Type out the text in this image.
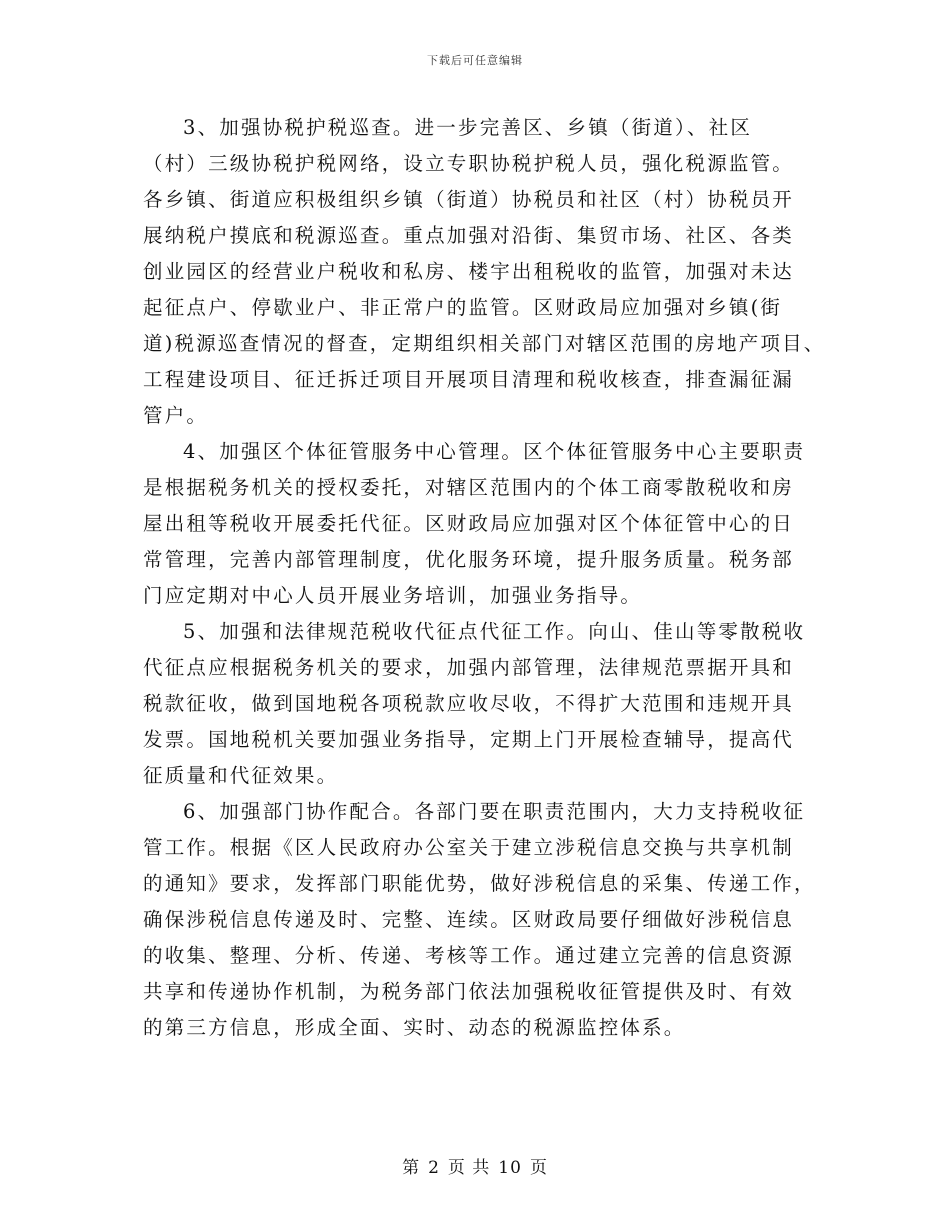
下载后可任意编辑
3、加强协税护税巡查。进一步完善区、乡镇（街道）、社区
（村）三级协税护税网络，设立专职协税护税人员，强化税源监管。
各乡镇、街道应积极组织乡镇（街道）协税员和社区（村）协税员开
展纳税户摸底和税源巡查。重点加强对沿街、集贸市场、社区、各类
创业园区的经营业户税收和私房、楼宇出租税收的监管，加强对未达
起征点户、停歇业户、非正常户的监管。区财政局应加强对乡镇(街
道)税源巡查情况的督查，定期组织相关部门对辖区范围的房地产项目、
工程建设项目、征迁拆迁项目开展项目清理和税收核查，排查漏征漏
管户。
4、加强区个体征管服务中心管理。区个体征管服务中心主要职责
是根据税务机关的授权委托，对辖区范围内的个体工商零散税收和房
屋出租等税收开展委托代征。区财政局应加强对区个体征管中心的日
常管理，完善内部管理制度，优化服务环境，提升服务质量。税务部
门应定期对中心人员开展业务培训，加强业务指导。
5、加强和法律规范税收代征点代征工作。向山、佳山等零散税收
代征点应根据税务机关的要求，加强内部管理，法律规范票据开具和
税款征收，做到国地税各项税款应收尽收，不得扩大范围和违规开具
发票。国地税机关要加强业务指导，定期上门开展检查辅导，提高代
征质量和代征效果。
6、加强部门协作配合。各部门要在职责范围内，大力支持税收征
管工作。根据《区人民政府办公室关于建立涉税信息交换与共享机制
的通知》要求，发挥部门职能优势，做好涉税信息的采集、传递工作，
确保涉税信息传递及时、完整、连续。区财政局要仔细做好涉税信息
的收集、整理、分析、传递、考核等工作。通过建立完善的信息资源
共享和传递协作机制，为税务部门依法加强税收征管提供及时、有效
的第三方信息，形成全面、实时、动态的税源监控体系。
第 2 页 共 10 页
